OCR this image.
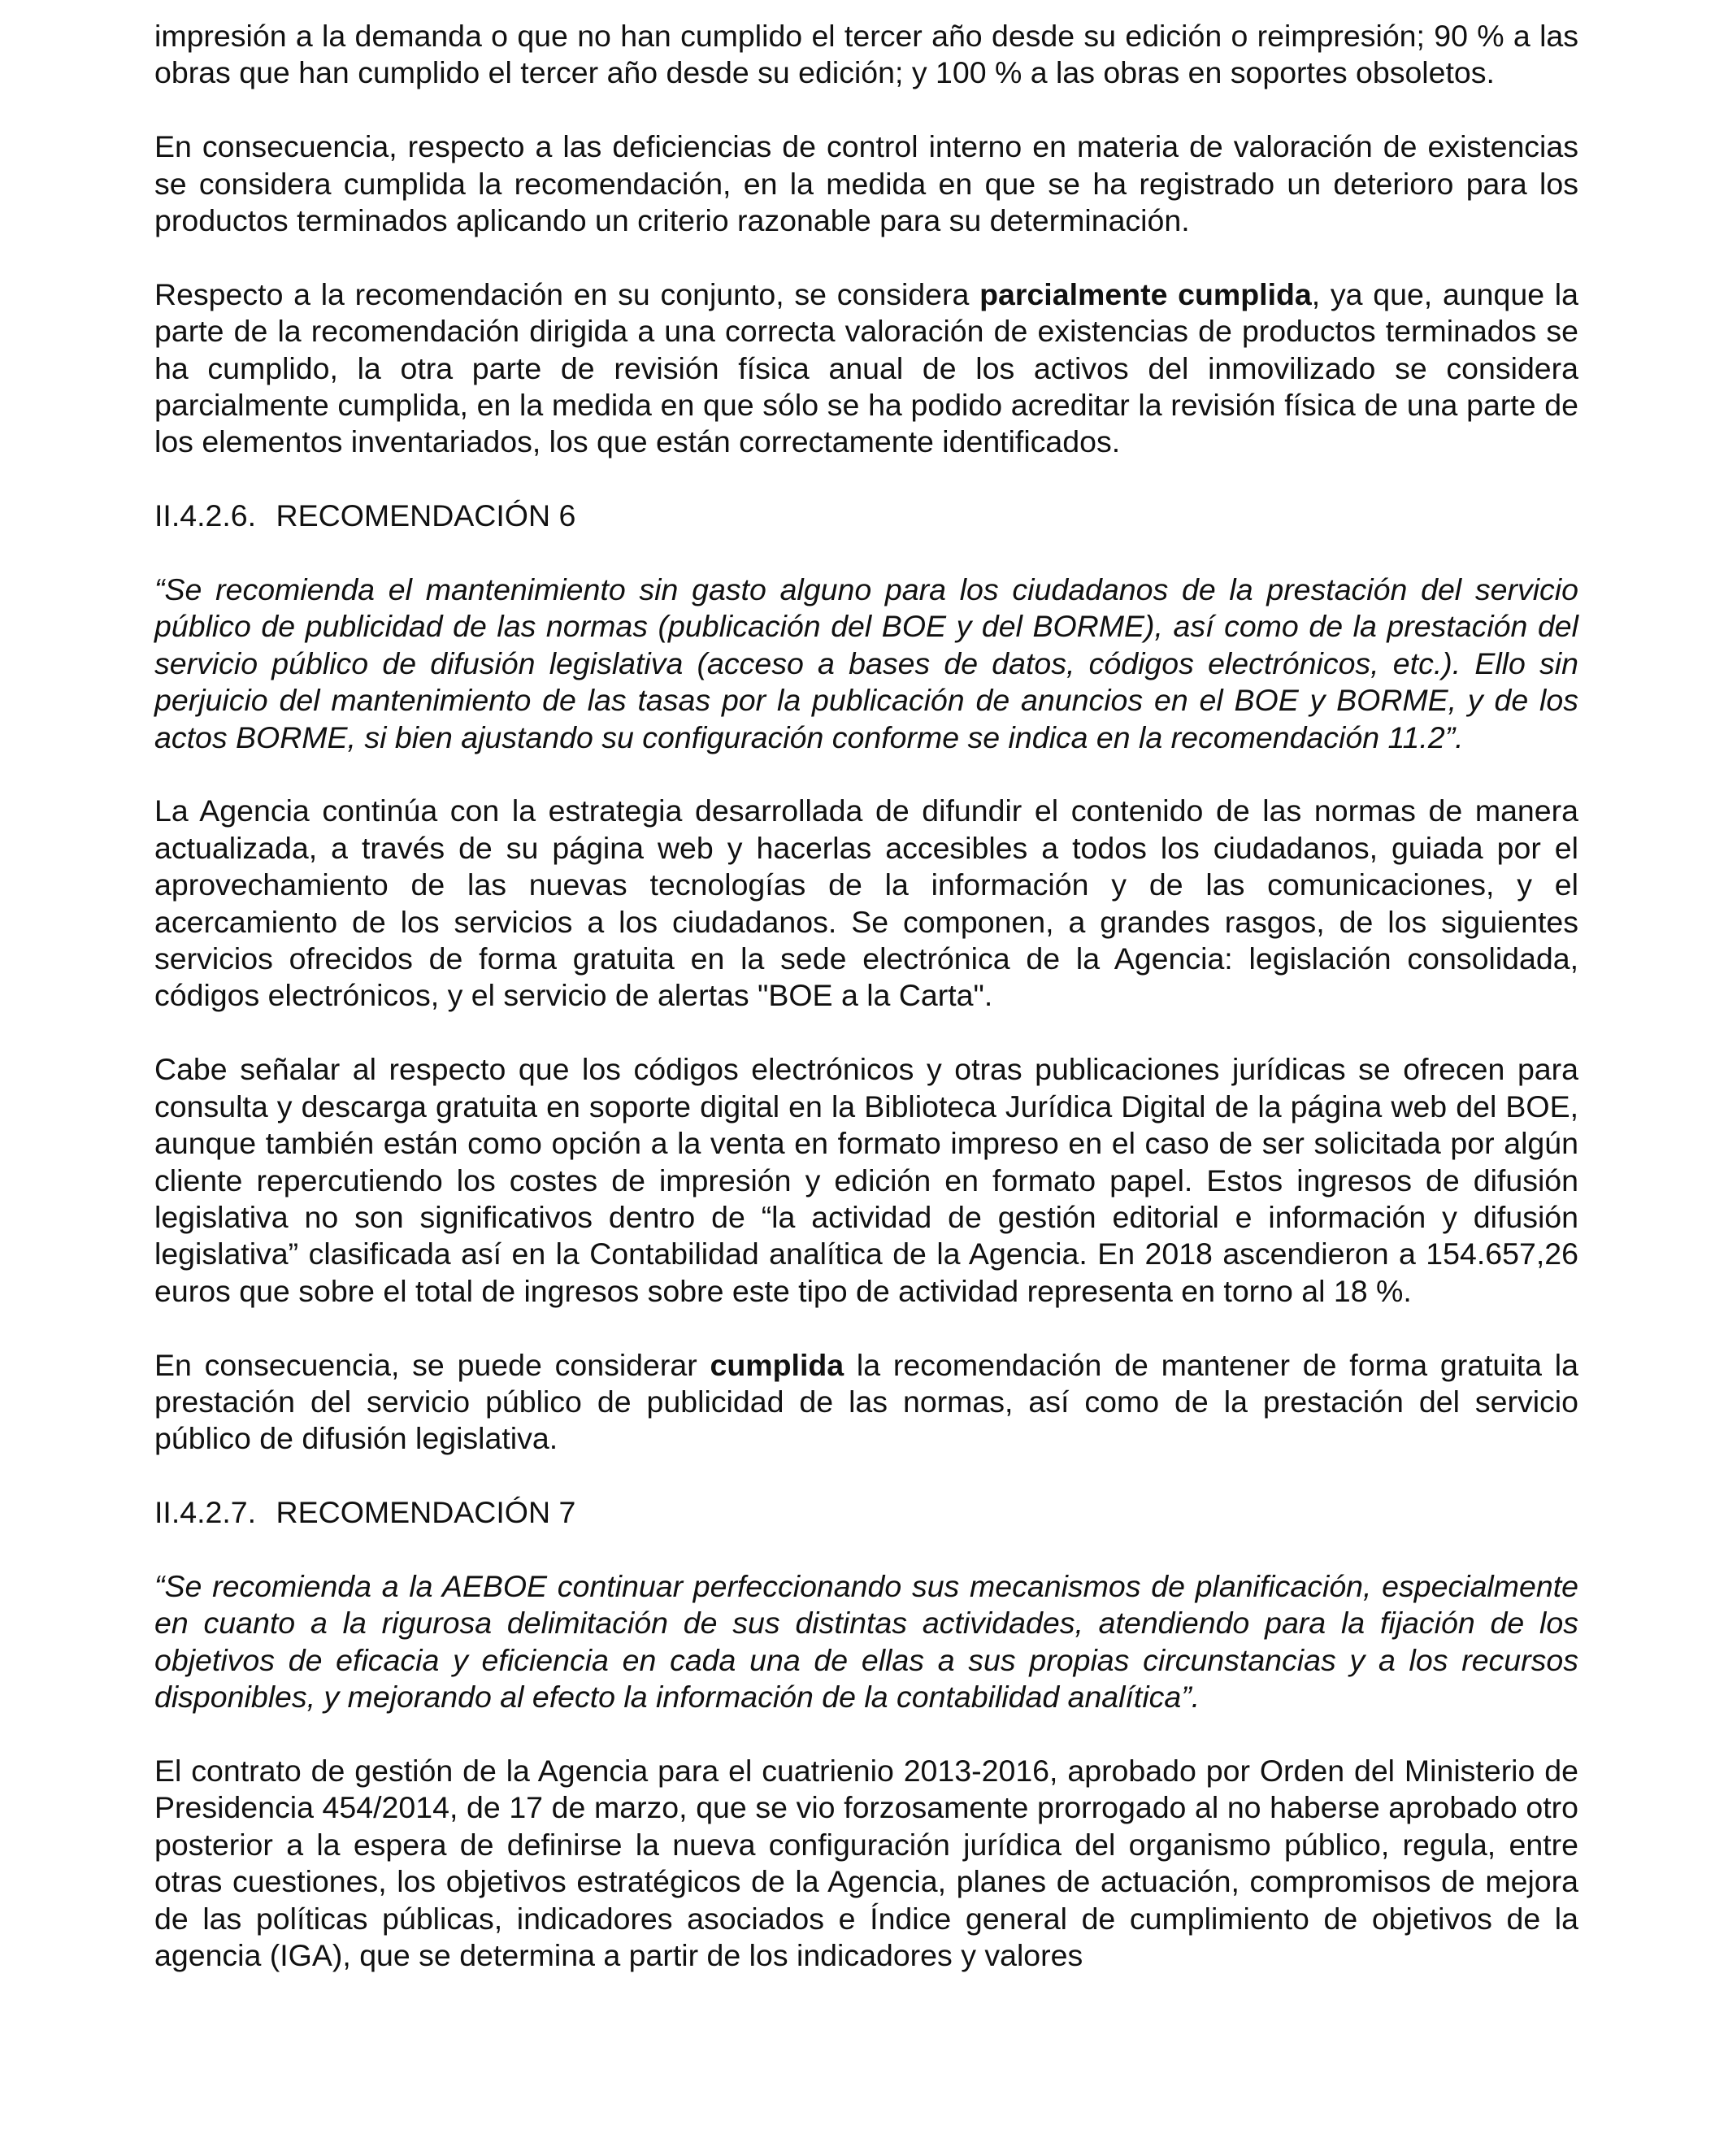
impresión a la demanda o que no han cumplido el tercer año desde su edición o reimpresión; 90 % a las obras que han cumplido el tercer año desde su edición; y 100 % a las obras en soportes obsoletos.

En consecuencia, respecto a las deficiencias de control interno en materia de valoración de existencias se considera cumplida la recomendación, en la medida en que se ha registrado un deterioro para los productos terminados aplicando un criterio razonable para su determinación.

Respecto a la recomendación en su conjunto, se considera parcialmente cumplida, ya que, aunque la parte de la recomendación dirigida a una correcta valoración de existencias de productos terminados se ha cumplido, la otra parte de revisión física anual de los activos del inmovilizado se considera parcialmente cumplida, en la medida en que sólo se ha podido acreditar la revisión física de una parte de los elementos inventariados, los que están correctamente identificados.

II.4.2.6. RECOMENDACIÓN 6

“Se recomienda el mantenimiento sin gasto alguno para los ciudadanos de la prestación del servicio público de publicidad de las normas (publicación del BOE y del BORME), así como de la prestación del servicio público de difusión legislativa (acceso a bases de datos, códigos electrónicos, etc.). Ello sin perjuicio del mantenimiento de las tasas por la publicación de anuncios en el BOE y BORME, y de los actos BORME, si bien ajustando su configuración conforme se indica en la recomendación 11.2”.

La Agencia continúa con la estrategia desarrollada de difundir el contenido de las normas de manera actualizada, a través de su página web y hacerlas accesibles a todos los ciudadanos, guiada por el aprovechamiento de las nuevas tecnologías de la información y de las comunicaciones, y el acercamiento de los servicios a los ciudadanos. Se componen, a grandes rasgos, de los siguientes servicios ofrecidos de forma gratuita en la sede electrónica de la Agencia: legislación consolidada, códigos electrónicos, y el servicio de alertas "BOE a la Carta".

Cabe señalar al respecto que los códigos electrónicos y otras publicaciones jurídicas se ofrecen para consulta y descarga gratuita en soporte digital en la Biblioteca Jurídica Digital de la página web del BOE, aunque también están como opción a la venta en formato impreso en el caso de ser solicitada por algún cliente repercutiendo los costes de impresión y edición en formato papel. Estos ingresos de difusión legislativa no son significativos dentro de “la actividad de gestión editorial e información y difusión legislativa” clasificada así en la Contabilidad analítica de la Agencia. En 2018 ascendieron a 154.657,26 euros que sobre el total de ingresos sobre este tipo de actividad representa en torno al 18 %.

En consecuencia, se puede considerar cumplida la recomendación de mantener de forma gratuita la prestación del servicio público de publicidad de las normas, así como de la prestación del servicio público de difusión legislativa.

II.4.2.7. RECOMENDACIÓN 7

“Se recomienda a la AEBOE continuar perfeccionando sus mecanismos de planificación, especialmente en cuanto a la rigurosa delimitación de sus distintas actividades, atendiendo para la fijación de los objetivos de eficacia y eficiencia en cada una de ellas a sus propias circunstancias y a los recursos disponibles, y mejorando al efecto la información de la contabilidad analítica”.

El contrato de gestión de la Agencia para el cuatrienio 2013-2016, aprobado por Orden del Ministerio de Presidencia 454/2014, de 17 de marzo, que se vio forzosamente prorrogado al no haberse aprobado otro posterior a la espera de definirse la nueva configuración jurídica del organismo público, regula, entre otras cuestiones, los objetivos estratégicos de la Agencia, planes de actuación, compromisos de mejora de las políticas públicas, indicadores asociados e Índice general de cumplimiento de objetivos de la agencia (IGA), que se determina a partir de los indicadores y valores
